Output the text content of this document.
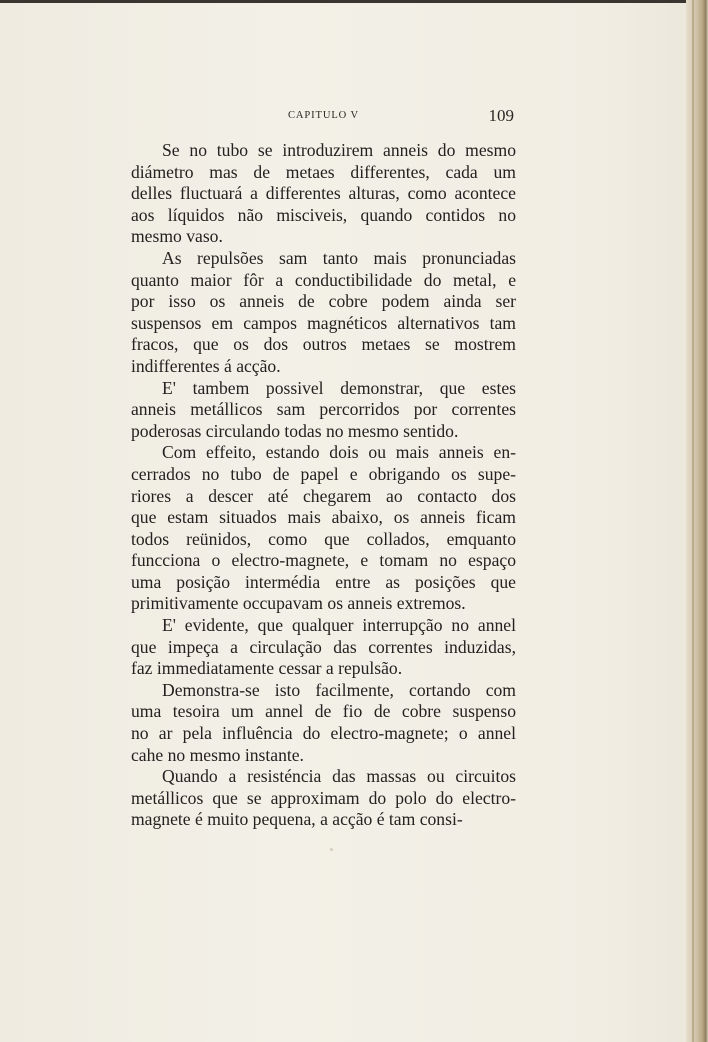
CAPITULO V	109

Se no tubo se introduzirem anneis do mesmo
diámetro mas de metaes differentes, cada um
delles fluctuará a differentes alturas, como acontece
aos líquidos não misciveis, quando contidos no
mesmo vaso.

As repulsões sam tanto mais pronunciadas
quanto maior fôr a conductibilidade do metal, e
por isso os anneis de cobre podem ainda ser
suspensos em campos magnéticos alternativos tam
fracos, que os dos outros metaes se mostrem
indifferentes á acção.

E' tambem possivel demonstrar, que estes
anneis metállicos sam percorridos por correntes
poderosas circulando todas no mesmo sentido.

Com effeito, estando dois ou mais anneis en-
cerrados no tubo de papel e obrigando os supe-
riores a descer até chegarem ao contacto dos
que estam situados mais abaixo, os anneis ficam
todos reünidos, como que collados, emquanto
funcciona o electro-magnete, e tomam no espaço
uma posição intermédia entre as posições que
primitivamente occupavam os anneis extremos.

E' evidente, que qualquer interrupção no annel
que impeça a circulação das correntes induzidas,
faz immediatamente cessar a repulsão.

Demonstra-se isto facilmente, cortando com
uma tesoira um annel de fio de cobre suspenso
no ar pela influência do electro-magnete; o annel
cahe no mesmo instante.

Quando a resisténcia das massas ou circuitos
metállicos que se approximam do polo do electro-
magnete é muito pequena, a acção é tam consi-
